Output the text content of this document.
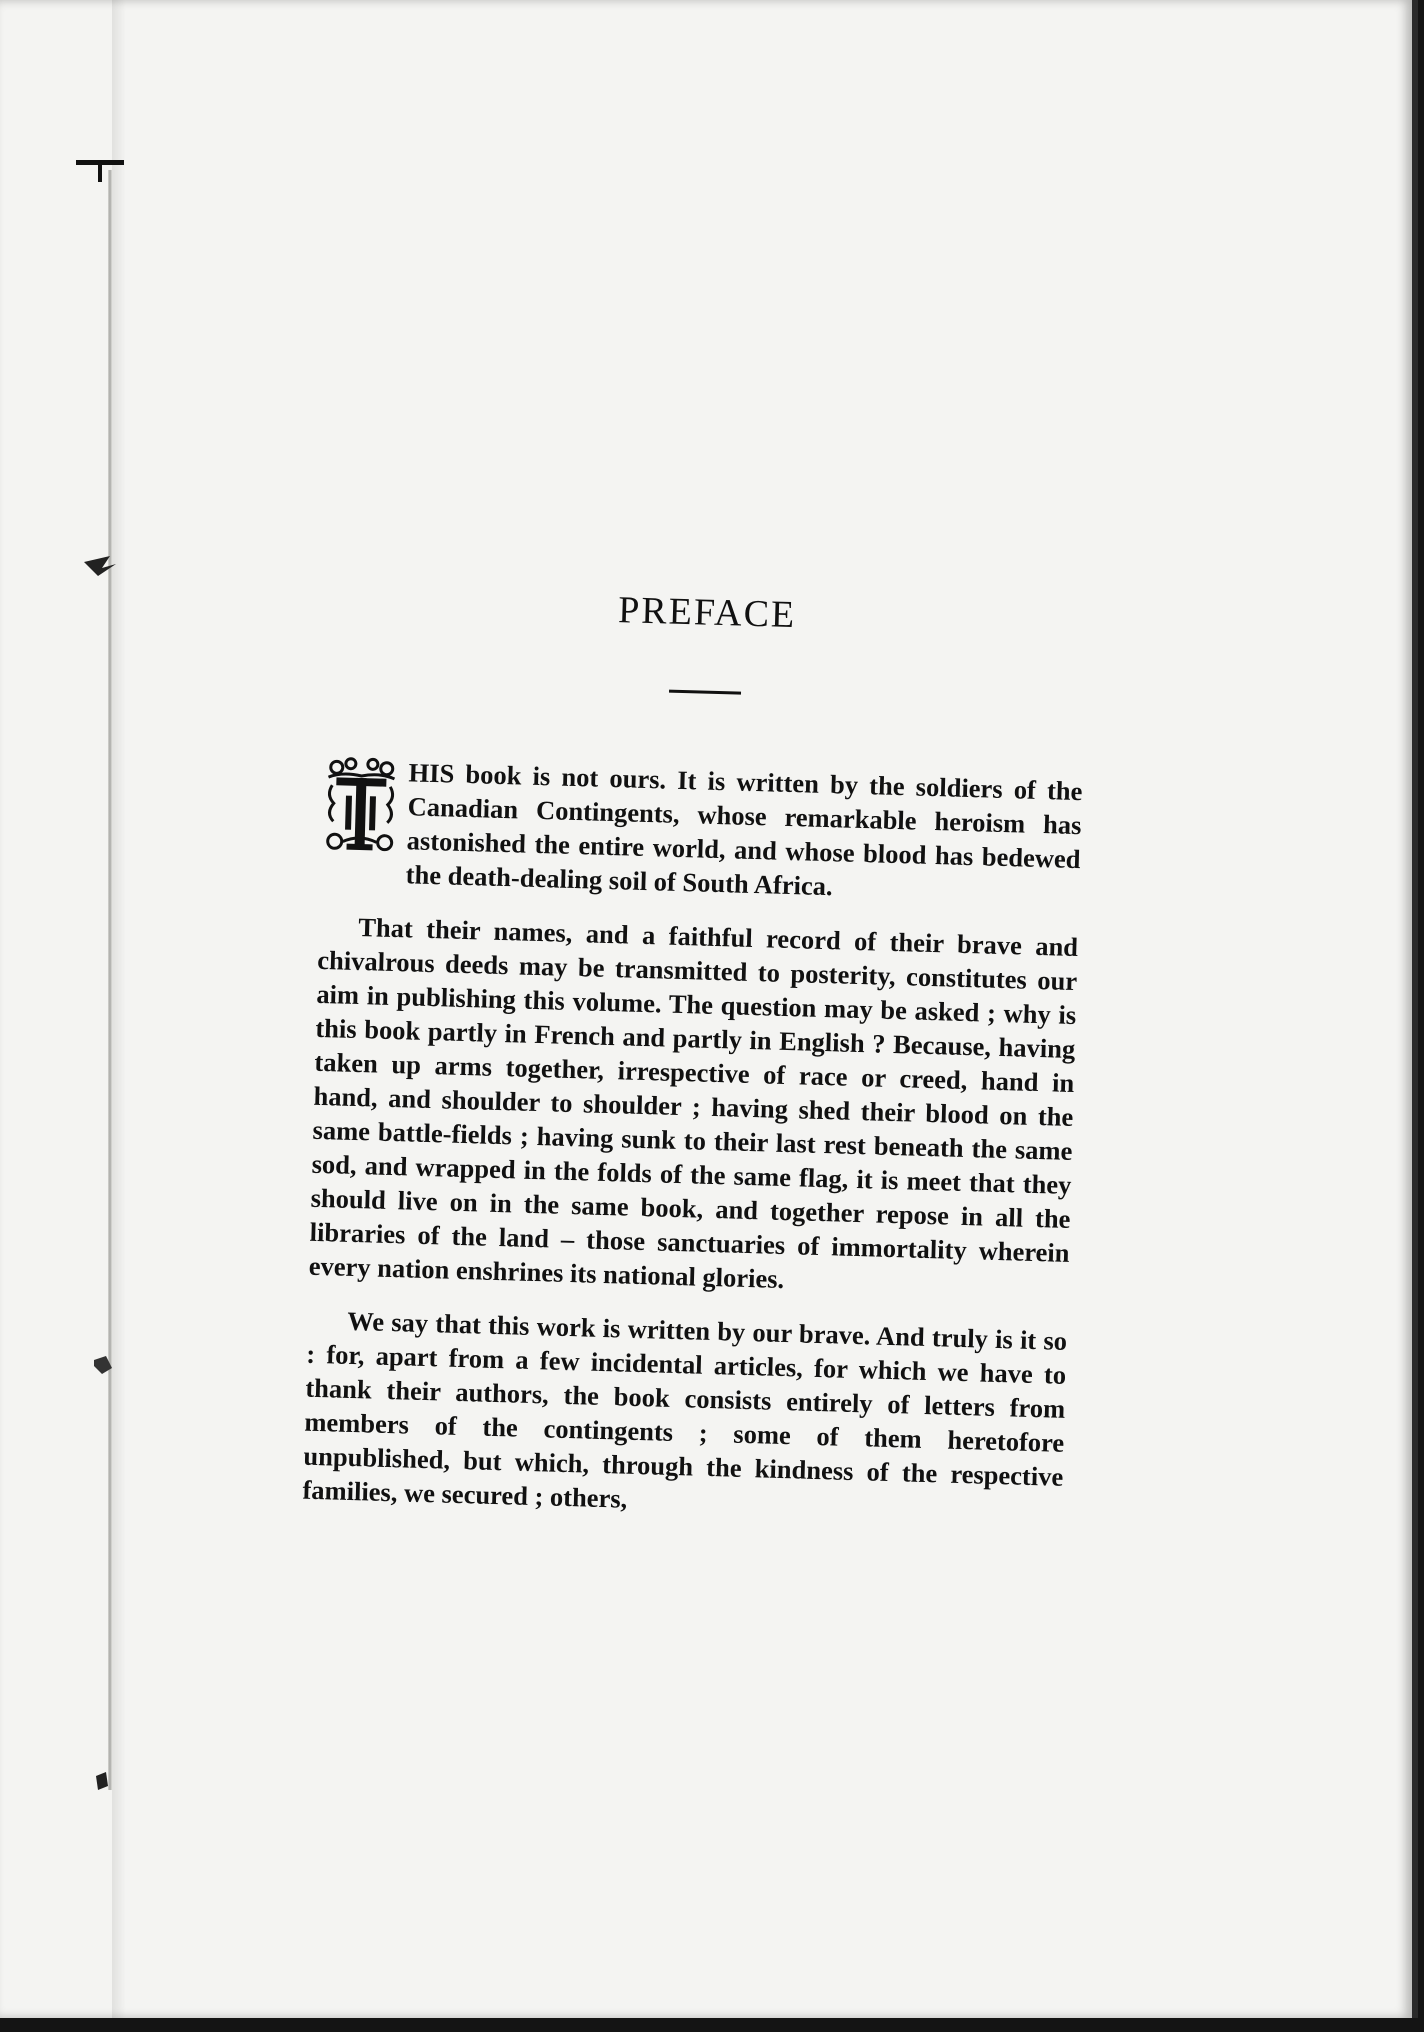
PREFACE

HIS book is not ours. It is written by the soldiers of the Canadian Contingents, whose remarkable heroism has astonished the entire world, and whose blood has bedewed the death-dealing soil of South Africa.

That their names, and a faithful record of their brave and chivalrous deeds may be transmitted to posterity, constitutes our aim in publishing this volume. The question may be asked ; why is this book partly in French and partly in English ? Because, having taken up arms together, irrespective of race or creed, hand in hand, and shoulder to shoulder ; having shed their blood on the same battle-fields ; having sunk to their last rest beneath the same sod, and wrapped in the folds of the same flag, it is meet that they should live on in the same book, and together repose in all the libraries of the land – those sanctuaries of immortality wherein every nation enshrines its national glories.

We say that this work is written by our brave. And truly is it so : for, apart from a few incidental articles, for which we have to thank their authors, the book consists entirely of letters from members of the contingents ; some of them heretofore unpublished, but which, through the kindness of the respective families, we secured ; others,
